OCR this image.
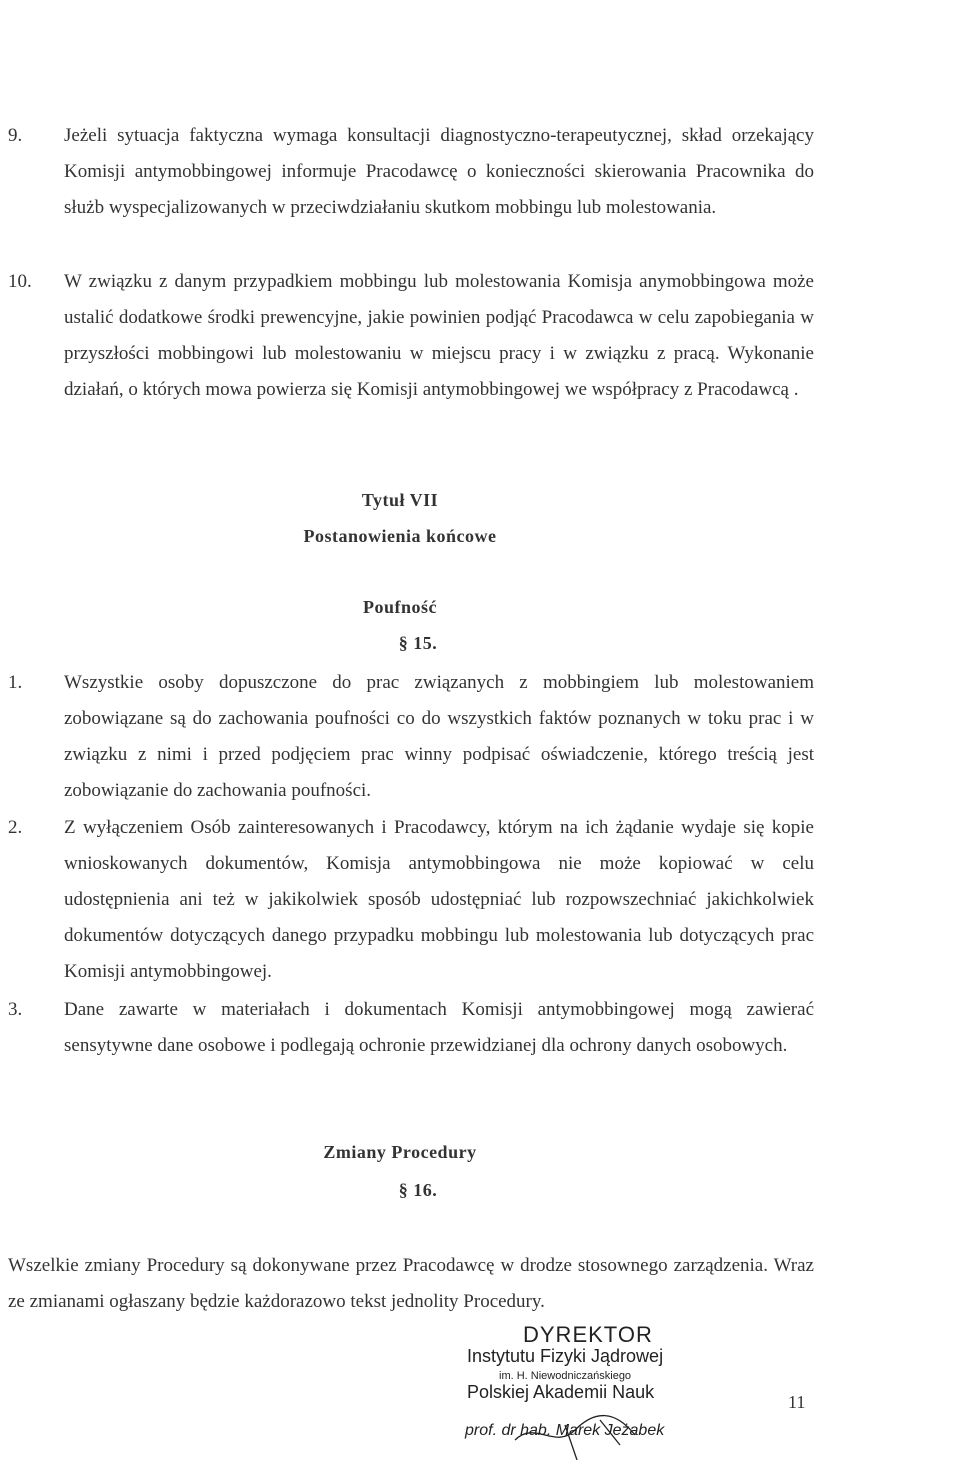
9. Jeżeli sytuacja faktyczna wymaga konsultacji diagnostyczno-terapeutycznej, skład orzekający Komisji antymobbingowej informuje Pracodawcę o konieczności skierowania Pracownika do służb wyspecjalizowanych w przeciwdziałaniu skutkom mobbingu lub molestowania.
10. W związku z danym przypadkiem mobbingu lub molestowania Komisja anymobbingowa może ustalić dodatkowe środki prewencyjne, jakie powinien podjąć Pracodawca w celu zapobiegania w przyszłości mobbingowi lub molestowaniu w miejscu pracy i w związku z pracą. Wykonanie działań, o których mowa powierza się Komisji antymobbingowej we współpracy z Pracodawcą .
Tytuł VII
Postanowienia końcowe
Poufność
§ 15.
1. Wszystkie osoby dopuszczone do prac związanych z mobbingiem lub molestowaniem zobowiązane są do zachowania poufności co do wszystkich faktów poznanych w toku prac i w związku z nimi i przed podjęciem prac winny podpisać oświadczenie, którego treścią jest zobowiązanie do zachowania poufności.
2. Z wyłączeniem Osób zainteresowanych i Pracodawcy, którym na ich żądanie wydaje się kopie wnioskowanych dokumentów, Komisja antymobbingowa nie może kopiować w celu udostępnienia ani też w jakikolwiek sposób udostępniać lub rozpowszechniać jakichkolwiek dokumentów dotyczących danego przypadku mobbingu lub molestowania lub dotyczących prac Komisji antymobbingowej.
3. Dane zawarte w materiałach i dokumentach Komisji antymobbingowej mogą zawierać sensytywne dane osobowe i podlegają ochronie przewidzianej dla ochrony danych osobowych.
Zmiany Procedury
§ 16.
Wszelkie zmiany Procedury są dokonywane przez Pracodawcę w drodze stosownego zarządzenia. Wraz ze zmianami ogłaszany będzie każdorazowo tekst jednolity Procedury.
DYREKTOR
Instytutu Fizyki Jądrowej
im. H. Niewodniczańskiego
Polskiej Akademii Nauk
prof. dr hab. Marek Jeżabek
11
